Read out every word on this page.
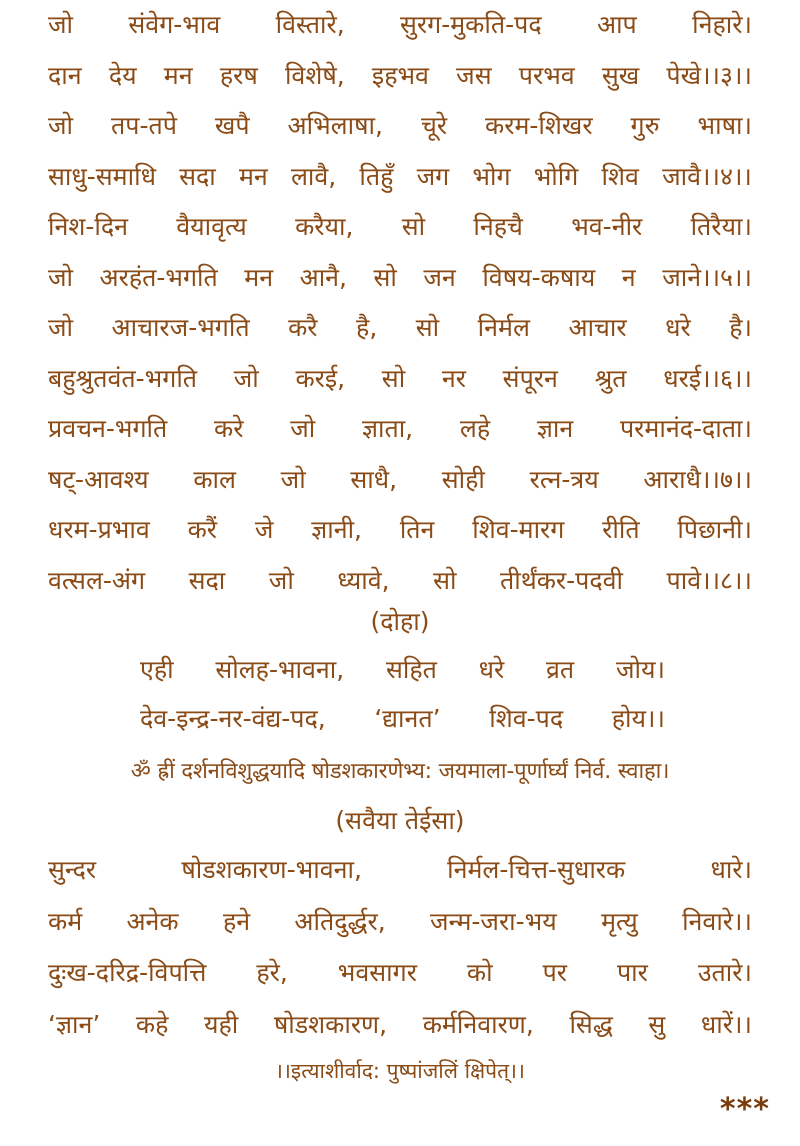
जो संवेग-भाव विस्तारे, सुरग-मुकति-पद आप निहारे।
दान देय मन हरष विशेषे, इहभव जस परभव सुख पेखे।।३।।
जो तप-तपे खपै अभिलाषा, चूरे करम-शिखर गुरु भाषा।
साधु-समाधि सदा मन लावै, तिहुँ जग भोग भोगि शिव जावै।।४।।
निश-दिन वैयावृत्य करैया, सो निहचै भव-नीर तिरैया।
जो अरहंत-भगति मन आनै, सो जन विषय-कषाय न जाने।।५।।
जो आचारज-भगति करै है, सो निर्मल आचार धरे है।
बहुश्रुतवंत-भगति जो करई, सो नर संपूरन श्रुत धरई।।६।।
प्रवचन-भगति करे जो ज्ञाता, लहे ज्ञान परमानंद-दाता।
षट्-आवश्य काल जो साधै, सोही रत्न-त्रय आराधै।।७।।
धरम-प्रभाव करैं जे ज्ञानी, तिन शिव-मारग रीति पिछानी।
वत्सल-अंग सदा जो ध्यावे, सो तीर्थंकर-पदवी पावे।।८।।
(दोहा)
एही सोलह-भावना, सहित धरे व्रत जोय।
देव-इन्द्र-नर-वंद्य-पद, ‘द्यानत’ शिव-पद होय।।
ॐ ह्रीं दर्शनविशुद्धयादि षोडशकारणेभ्य: जयमाला-पूर्णार्घ्यं निर्व. स्वाहा।
(सवैया तेईसा)
सुन्दर	षोडशकारण-भावना,	निर्मल-चित्त-सुधारक	धारे।
कर्म अनेक हने अतिदुर्द्धर, जन्म-जरा-भय मृत्यु निवारे।।
दुःख-दरिद्र-विपत्ति हरे, भवसागर को पर पार उतारे।
‘ज्ञान’ कहे यही षोडशकारण, कर्मनिवारण, सिद्ध सु धारें।।
।।इत्याशीर्वाद: पुष्पांजलिं क्षिपेत्।।
***
